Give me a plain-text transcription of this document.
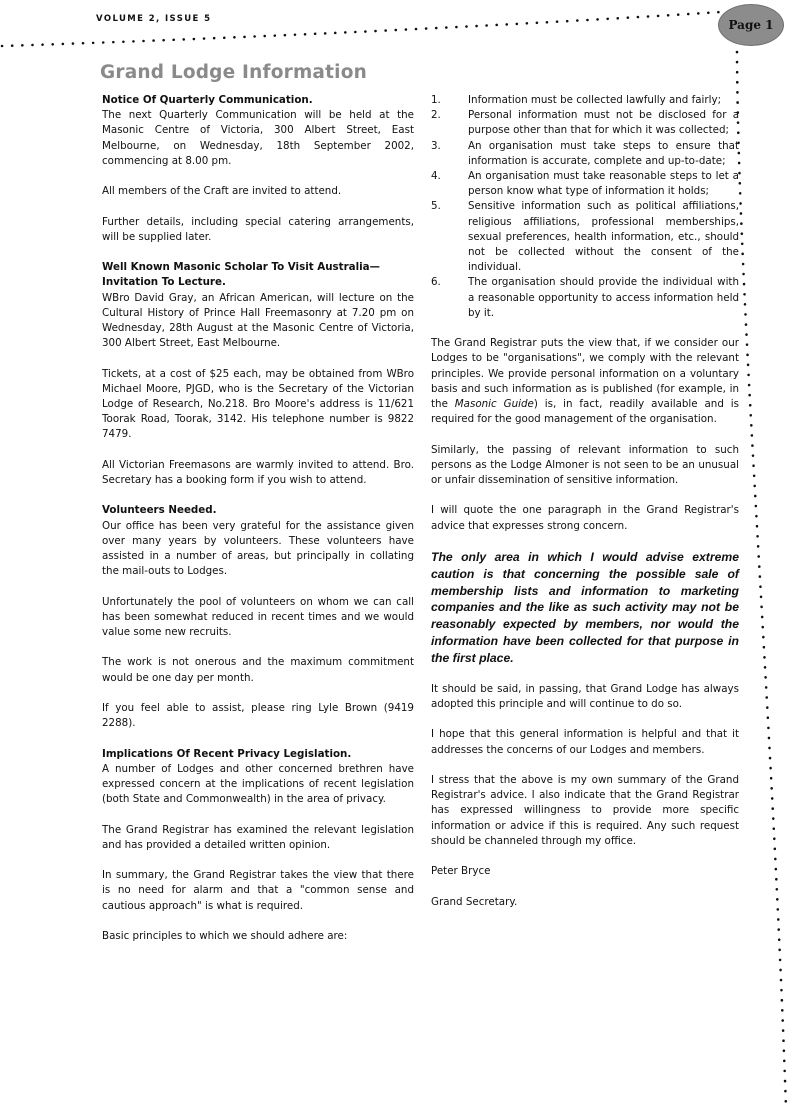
VOLUME 2, ISSUE 5	Page 1
Grand Lodge Information
Notice Of Quarterly Communication.

The next Quarterly Communication will be held at the Masonic Centre of Victoria, 300 Albert Street, East Melbourne, on Wednesday, 18th September 2002, commencing at 8.00 pm.

All members of the Craft are invited to attend.

Further details, including special catering arrangements, will be supplied later.

Well Known Masonic Scholar To Visit Australia—Invitation To Lecture.

WBro David Gray, an African American, will lecture on the Cultural History of Prince Hall Freemasonry at 7.20 pm on Wednesday, 28th August at the Masonic Centre of Victoria, 300 Albert Street, East Melbourne.

Tickets, at a cost of $25 each, may be obtained from WBro Michael Moore, PJGD, who is the Secretary of the Victorian Lodge of Research, No.218. Bro Moore's address is 11/621 Toorak Road, Toorak, 3142. His telephone number is 9822 7479.

All Victorian Freemasons are warmly invited to attend. Bro. Secretary has a booking form if you wish to attend.

Volunteers Needed.

Our office has been very grateful for the assistance given over many years by volunteers. These volunteers have assisted in a number of areas, but principally in collating the mail-outs to Lodges.

Unfortunately the pool of volunteers on whom we can call has been somewhat reduced in recent times and we would value some new recruits.

The work is not onerous and the maximum commitment would be one day per month.

If you feel able to assist, please ring Lyle Brown (9419 2288).

Implications Of Recent Privacy Legislation.

A number of Lodges and other concerned brethren have expressed concern at the implications of recent legislation (both State and Commonwealth) in the area of privacy.

The Grand Registrar has examined the relevant legislation and has provided a detailed written opinion.

In summary, the Grand Registrar takes the view that there is no need for alarm and that a "common sense and cautious approach" is what is required.

Basic principles to which we should adhere are:

1.	Information must be collected lawfully and fairly;
2.	Personal information must not be disclosed for a purpose other than that for which it was collected;
3.	An organisation must take steps to ensure that information is accurate, complete and up-to-date;
4.	An organisation must take reasonable steps to let a person know what type of information it holds;
5.	Sensitive information such as political affiliations, religious affiliations, professional memberships, sexual preferences, health information, etc., should not be collected without the consent of the individual.
6.	The organisation should provide the individual with a reasonable opportunity to access information held by it.

The Grand Registrar puts the view that, if we consider our Lodges to be "organisations", we comply with the relevant principles. We provide personal information on a voluntary basis and such information as is published (for example, in the Masonic Guide) is, in fact, readily available and is required for the good management of the organisation.

Similarly, the passing of relevant information to such persons as the Lodge Almoner is not seen to be an unusual or unfair dissemination of sensitive information.

I will quote the one paragraph in the Grand Registrar's advice that expresses strong concern.

The only area in which I would advise extreme caution is that concerning the possible sale of membership lists and information to marketing companies and the like as such activity may not be reasonably expected by members, nor would the information have been collected for that purpose in the first place.

It should be said, in passing, that Grand Lodge has always adopted this principle and will continue to do so.

I hope that this general information is helpful and that it addresses the concerns of our Lodges and members.

I stress that the above is my own summary of the Grand Registrar's advice. I also indicate that the Grand Registrar has expressed willingness to provide more specific information or advice if this is required. Any such request should be channeled through my office.

Peter Bryce

Grand Secretary.
